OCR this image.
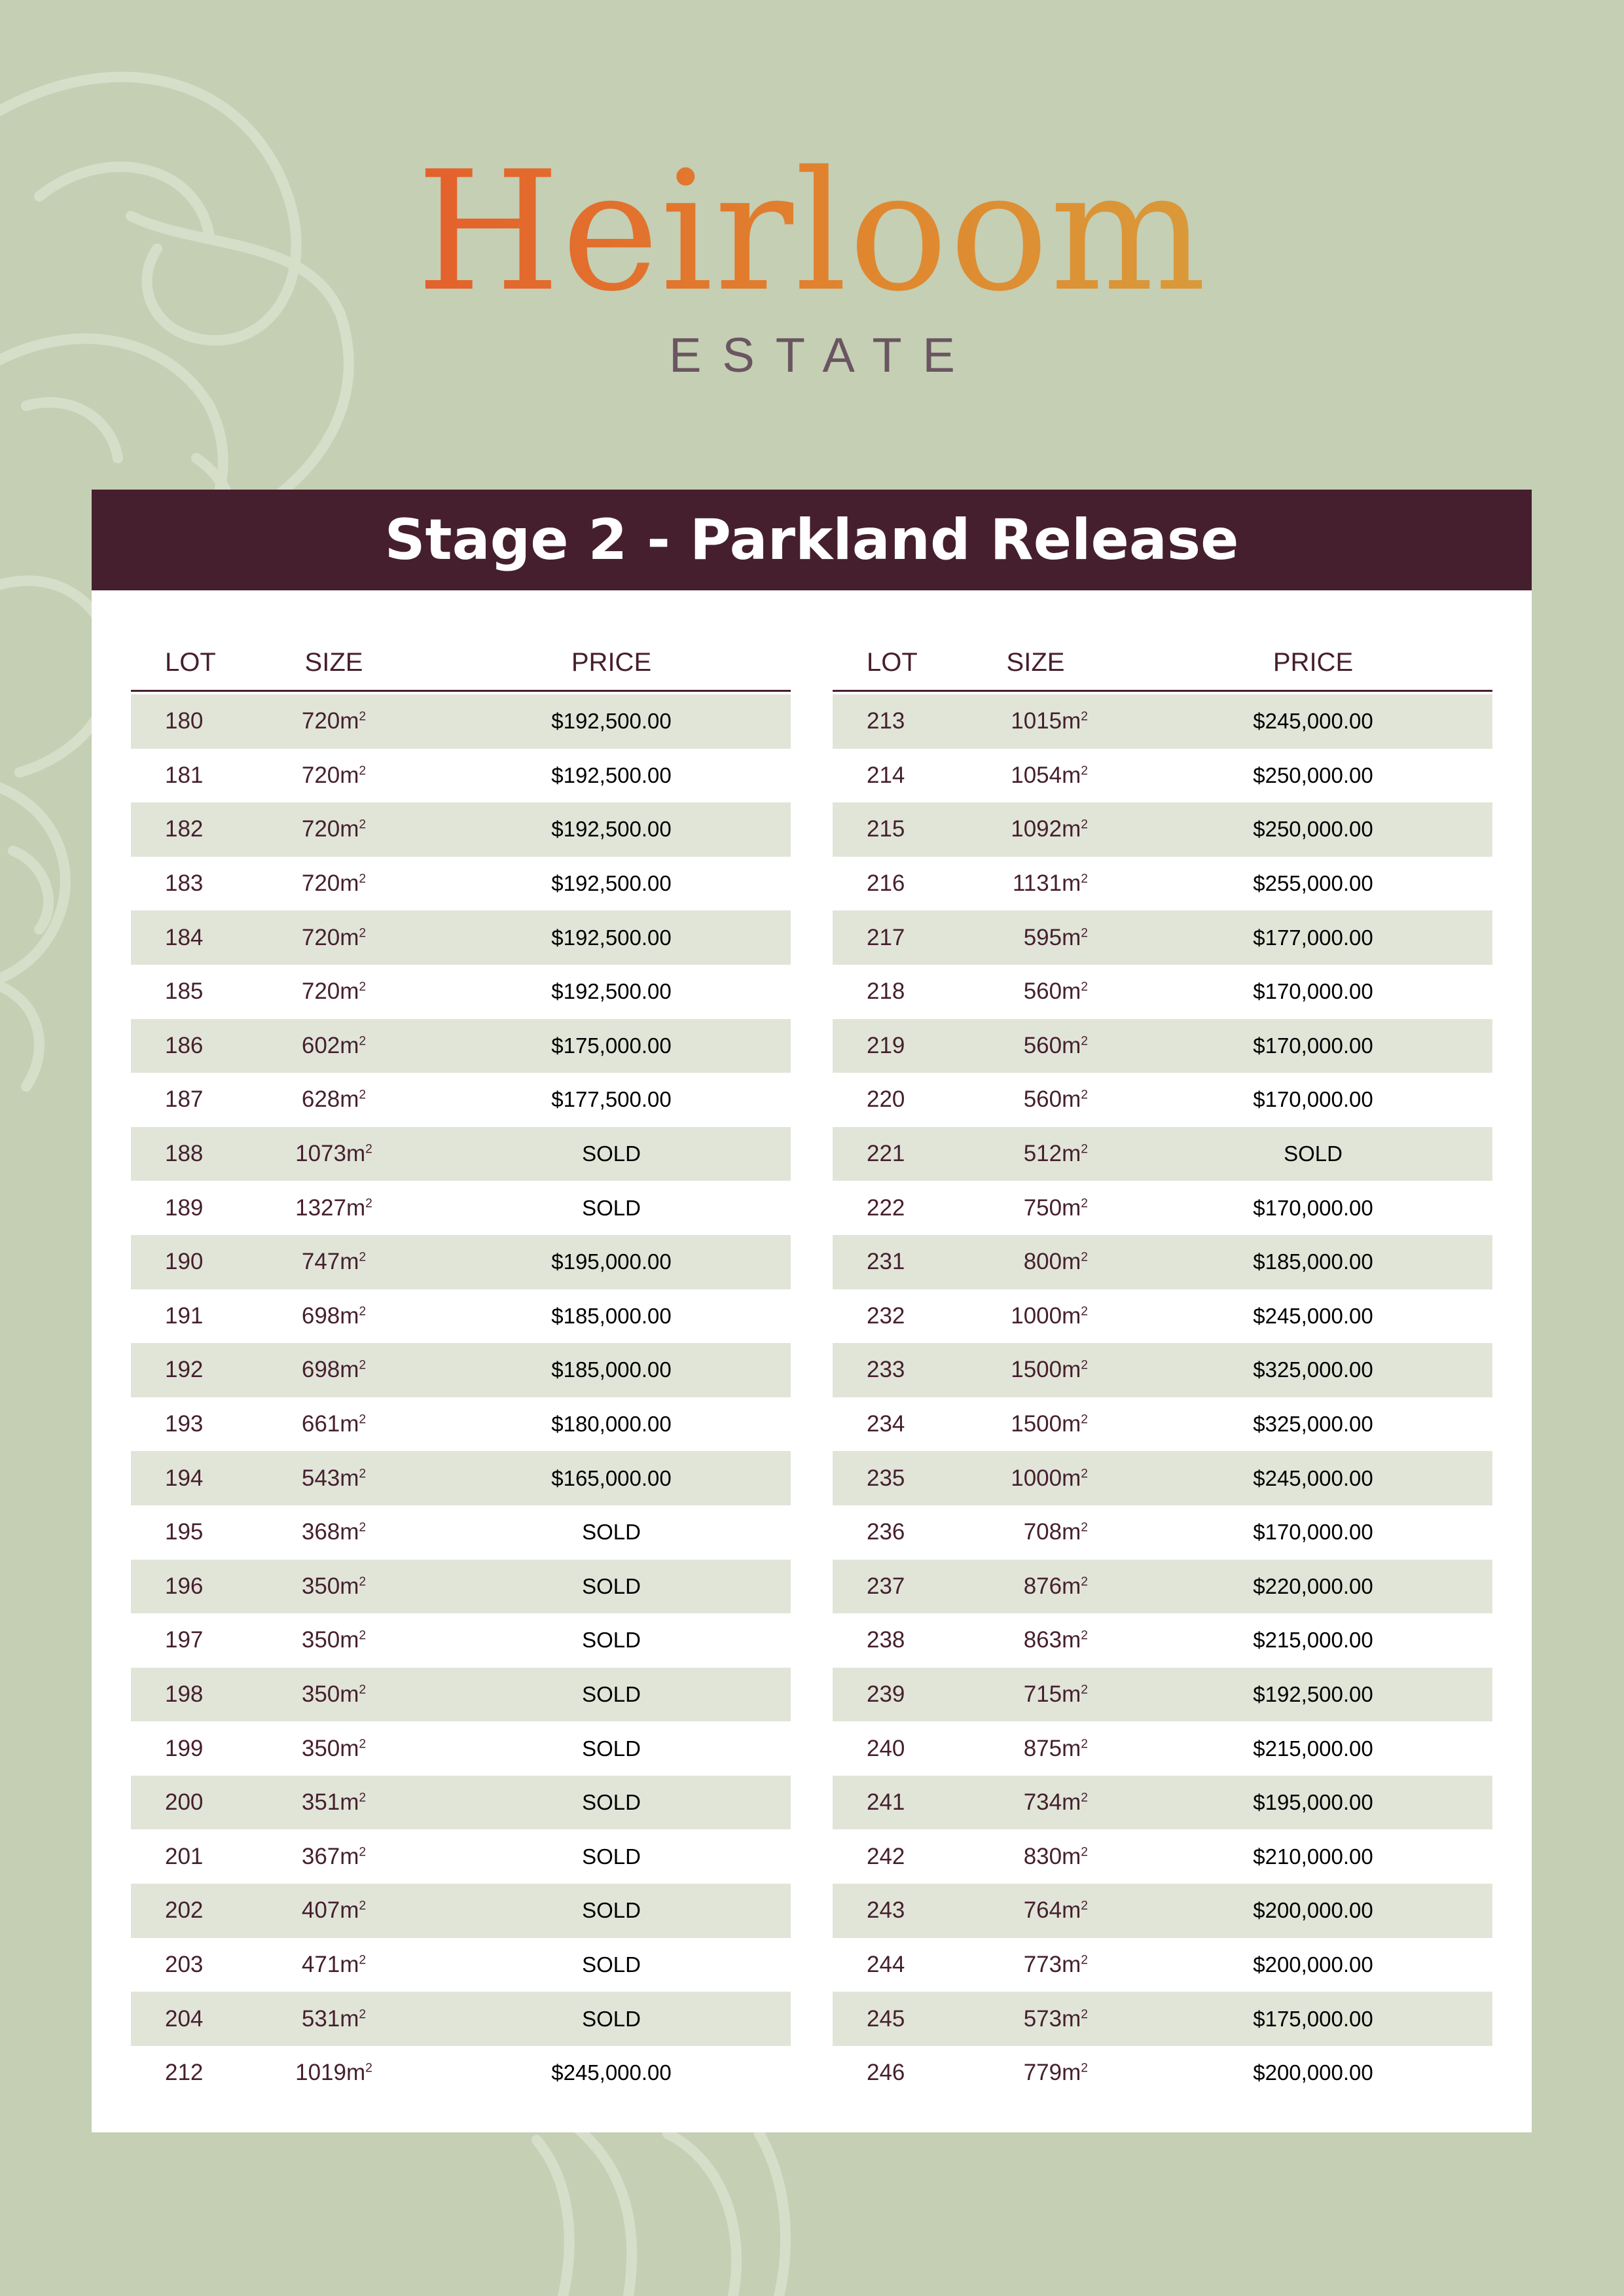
Heirloom
ESTATE
Stage 2 - Parkland Release
LOT	SIZE	PRICE
180	$720m^2$	$192,500.00
181	$720m^2$	$192,500.00
182	$720m^2$	$192,500.00
183	$720m^2$	$192,500.00
184	$720m^2$	$192,500.00
185	$720m^2$	$192,500.00
186	$602m^2$	$175,000.00
187	$628m^2$	$177,500.00
188	$1073m^2$	SOLD
189	$1327m^2$	SOLD
190	$747m^2$	$195,000.00
191	$698m^2$	$185,000.00
192	$698m^2$	$185,000.00
193	$661m^2$	$180,000.00
194	$543m^2$	$165,000.00
195	$368m^2$	SOLD
196	$350m^2$	SOLD
197	$350m^2$	SOLD
198	$350m^2$	SOLD
199	$350m^2$	SOLD
200	$351m^2$	SOLD
201	$367m^2$	SOLD
202	$407m^2$	SOLD
203	$471m^2$	SOLD
204	$531m^2$	SOLD
212	$1019m^2$	$245,000.00
LOT	SIZE	PRICE
213	$1015m^2$	$245,000.00
214	$1054m^2$	$250,000.00
215	$1092m^2$	$250,000.00
216	$1131m^2$	$255,000.00
217	$595m^2$	$177,000.00
218	$560m^2$	$170,000.00
219	$560m^2$	$170,000.00
220	$560m^2$	$170,000.00
221	$512m^2$	SOLD
222	$750m^2$	$170,000.00
231	$800m^2$	$185,000.00
232	$1000m^2$	$245,000.00
233	$1500m^2$	$325,000.00
234	$1500m^2$	$325,000.00
235	$1000m^2$	$245,000.00
236	$708m^2$	$170,000.00
237	$876m^2$	$220,000.00
238	$863m^2$	$215,000.00
239	$715m^2$	$192,500.00
240	$875m^2$	$215,000.00
241	$734m^2$	$195,000.00
242	$830m^2$	$210,000.00
243	$764m^2$	$200,000.00
244	$773m^2$	$200,000.00
245	$573m^2$	$175,000.00
246	$779m^2$	$200,000.00
